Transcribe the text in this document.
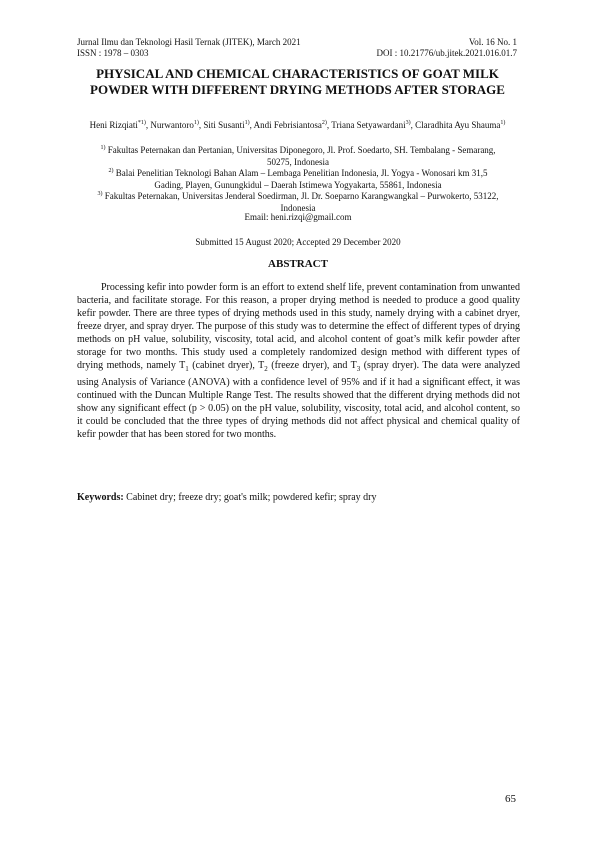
Jurnal Ilmu dan Teknologi Hasil Ternak (JITEK), March 2021	Vol. 16 No. 1
ISSN : 1978 – 0303	DOI : 10.21776/ub.jitek.2021.016.01.7
PHYSICAL AND CHEMICAL CHARACTERISTICS OF GOAT MILK
POWDER WITH DIFFERENT DRYING METHODS AFTER STORAGE
Heni Rizqiati$^{*1)}$, Nurwantoro$^{1)}$, Siti Susanti$^{1)}$, Andi Febrisiantosa$^{2)}$, Triana Setyawardani$^{3)}$, Claradhita Ayu Shauma$^{1)}$
$^{1)}$ Fakultas Peternakan dan Pertanian, Universitas Diponegoro, Jl. Prof. Soedarto, SH. Tembalang - Semarang,
50275, Indonesia
$^{2)}$ Balai Penelitian Teknologi Bahan Alam – Lembaga Penelitian Indonesia, Jl. Yogya - Wonosari km 31,5
Gading, Playen, Gunungkidul – Daerah Istimewa Yogyakarta, 55861, Indonesia
$^{3)}$ Fakultas Peternakan, Universitas Jenderal Soedirman, Jl. Dr. Soeparno Karangwangkal – Purwokerto, 53122,
Indonesia
Email: heni.rizqi@gmail.com
Submitted 15 August 2020; Accepted 29 December 2020
ABSTRACT

Processing kefir into powder form is an effort to extend shelf life, prevent contamination from unwanted bacteria, and facilitate storage. For this reason, a proper drying method is needed to produce a good quality kefir powder. There are three types of drying methods used in this study, namely drying with a cabinet dryer, freeze dryer, and spray dryer. The purpose of this study was to determine the effect of different types of drying methods on pH value, solubility, viscosity, total acid, and alcohol content of goat’s milk kefir powder after storage for two months. This study used a completely randomized design method with different types of drying methods, namely $T_1$ (cabinet dryer), $T_2$ (freeze dryer), and $T_3$ (spray dryer). The data were analyzed using Analysis of Variance (ANOVA) with a confidence level of 95% and if it had a significant effect, it was continued with the Duncan Multiple Range Test. The results showed that the different drying methods did not show any significant effect (p > 0.05) on the pH value, solubility, viscosity, total acid, and alcohol content, so it could be concluded that the three types of drying methods did not affect physical and chemical quality of kefir powder that has been stored for two months.

Keywords: Cabinet dry; freeze dry; goat's milk; powdered kefir; spray dry
65
